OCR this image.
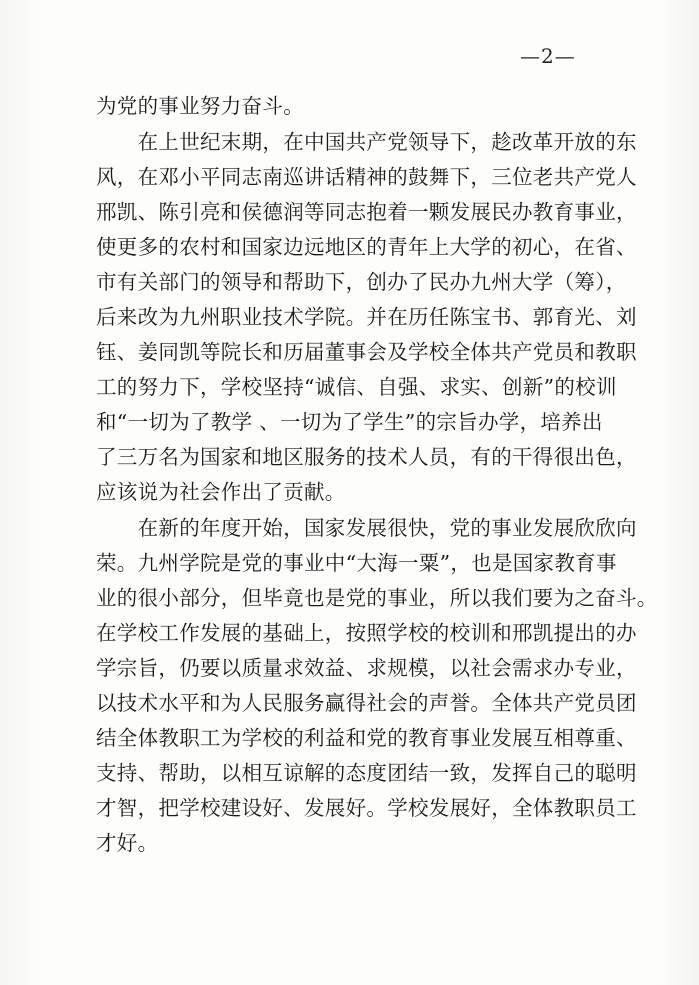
—2—
为党的事业努力奋斗。
　　在上世纪末期，在中国共产党领导下，趁改革开放的东
风，在邓小平同志南巡讲话精神的鼓舞下，三位老共产党人
邢凯、陈引亮和侯德润等同志抱着一颗发展民办教育事业，
使更多的农村和国家边远地区的青年上大学的初心，在省、
市有关部门的领导和帮助下，创办了民办九州大学（筹），
后来改为九州职业技术学院。并在历任陈宝书、郭育光、刘
钰、姜同凯等院长和历届董事会及学校全体共产党员和教职
工的努力下，学校坚持“诚信、自强、求实、创新”的校训
和“一切为了教学 、一切为了学生”的宗旨办学，培养出
了三万名为国家和地区服务的技术人员，有的干得很出色，
应该说为社会作出了贡献。
　　在新的年度开始，国家发展很快，党的事业发展欣欣向
荣。九州学院是党的事业中“大海一粟”，也是国家教育事
业的很小部分，但毕竟也是党的事业，所以我们要为之奋斗。
在学校工作发展的基础上，按照学校的校训和邢凯提出的办
学宗旨，仍要以质量求效益、求规模，以社会需求办专业，
以技术水平和为人民服务赢得社会的声誉。全体共产党员团
结全体教职工为学校的利益和党的教育事业发展互相尊重、
支持、帮助，以相互谅解的态度团结一致，发挥自己的聪明
才智，把学校建设好、发展好。学校发展好，全体教职员工
才好。
